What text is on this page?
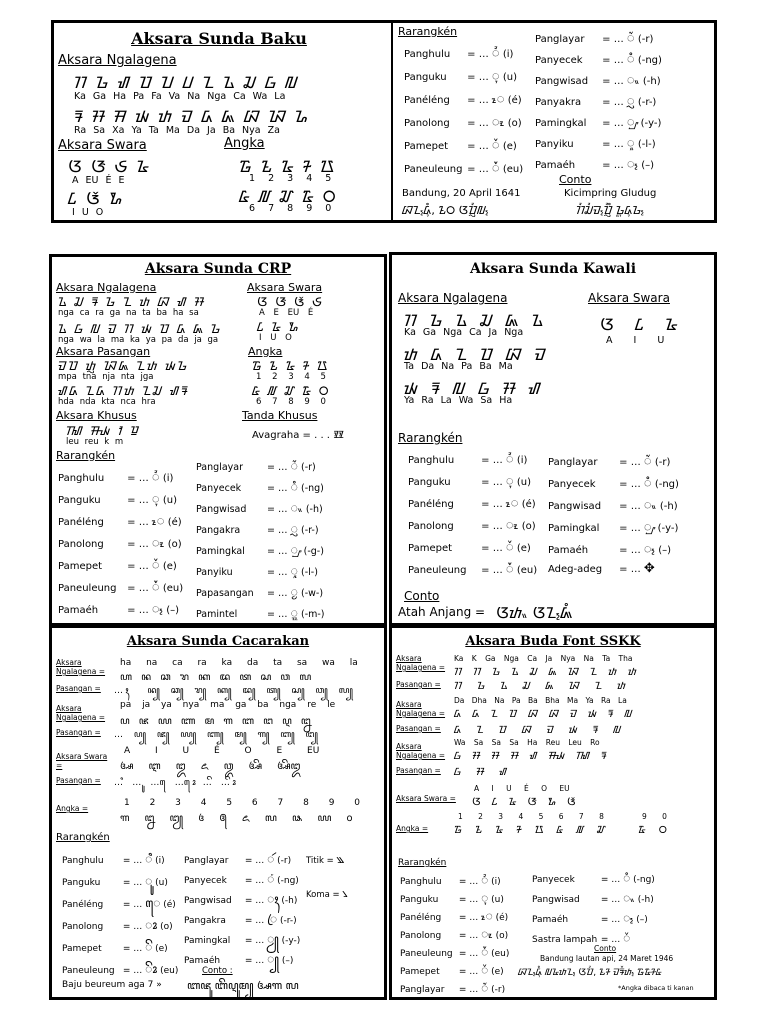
Aksara Sunda Baku
Aksara Ngalagena
ᮊ ᮌ ᮠ ᮕ ᮖ ᮗ ᮔ ᮍ ᮎ ᮝ ᮜ
Ka Ga Ha Pa Fa Va Na Nga Ca Wa La
ᮛ ᮞ ᮟ ᮚ ᮒ ᮙ ᮓ ᮏ ᮘ ᮑ ᮐ
Ra Sa Xa Ya Ta Ma Da Ja Ba Nya Za
Aksara Swara
ᮃ ᮆ ᮈ ᮅ
A EU É E
ᮄ ᮉ ᮇ
I U O
Angka
᮱ ᮲ ᮳ ᮴ ᮵
1 2 3 4 5
᮶ ᮷ ᮸ ᮹ ᮰
6 7 8 9 0
Rarangkén
Conto
Bandung, 20 April 1641
ᮘᮔ᮪ᮓᮥᮀ, ᮲᮰ ᮃᮕᮢᮤᮜ᮪
Kicimpring Gludug
ᮊᮤᮎᮤᮙ᮪ᮕᮢᮤᮀ ᮌᮣᮥᮓᮥᮌ᮪
Panghulu = … ᮤ (i)
Panguku = … ᮥ (u)
Panéléng = … ᮦ (é)
Panolong = … ᮧ (o)
Pamepet = … ᮨ (e)
Paneuleung = … ᮩ (eu)
Panglayar = … ᮁ (-r)
Panyecek = … ᮀ (-ng)
Pangwisad = … ᮂ (-h)
Panyakra = … ᮢ (-r-)
Pamingkal = … ᮡ (-y-)
Panyiku	= … ᮣ (-l-)
Pamaéh = … ᮪ (–)
Aksara Sunda CRP
Aksara Ngalagena
ᮍ ᮎ ᮛ ᮌ ᮔ ᮒ ᮘ ᮠ ᮞ
nga ca ra ga na ta ba ha sa
ᮍ ᮝ ᮜ ᮙ ᮊ ᮚ ᮕ ᮓ ᮏ ᮌ
nga wa la ma ka ya pa da ja ga
Aksara Swara
ᮃ ᮆ ᮉ ᮈ
A E EU É
ᮄ ᮅ ᮇ
I U O
Aksara Pasangan
ᮙᮕ ᮒᮢ ᮑᮏ ᮔᮒ ᮚᮌ
mpa tna nja nta jga
ᮠᮓ ᮔᮓ ᮊᮒ ᮔᮎ ᮠᮛ
hda nda kta nca hra
Angka
᮱ ᮲ ᮳ ᮴ ᮵
1 2 3 4 5
᮶ ᮷ ᮸ ᮹ ᮰
6 7 8 9 0
Aksara Khusus
ᮮ ᮯ ᮺ ᮻ
leu reu k m
Tanda Khusus
Avagraha = . . . ᮾ
Rarangkén
Panghulu = … ᮤ (i)
Panguku = … ᮥ (u)
Panéléng = … ᮦ (é)
Panolong = … ᮧ (o)
Pamepet = … ᮨ (e)
Paneuleung = … ᮩ (eu)
Pamaéh	= … ᮪ (–)
Panglayar = … ᮁ (-r)
Panyecek = … ᮀ (-ng)
Pangwisad = … ᮂ (-h)
Pangakra	= … ᮢ (-r-)
Pamingkal = … ᮡ (-g-)
Panyiku	= … ᮣ (-l-)
Papasangan = … ᮬ (-w-)
Pamintel	= … ᮭ (-m-)
Aksara Sunda Kawali
Aksara Ngalagena
ᮊ ᮌ ᮍ ᮎ ᮏ ᮍ
Ka Ga Nga Ca Ja Nga
ᮒ ᮓ ᮔ ᮕ ᮘ ᮙ
Ta Da Na Pa Ba Ma
ᮚ ᮛ ᮜ ᮝ ᮞ ᮠ
Ya Ra La Wa Sa Ha
Aksara Swara
ᮃ ᮄ ᮅ
A I U
Rarangkén
Conto
Atah Anjang = ᮃᮒᮂ ᮃᮔ᮪ᮏᮀ
Panghulu = … ᮤ (i)
Panguku	= … ᮥ (u)
Panéléng = … ᮦ (é)
Panolong = … ᮧ (o)
Pamepet	= … ᮨ (e)
Paneuleung = … ᮩ (eu)
Panglayar = … ᮁ (-r)
Panyecek = … ᮀ (-ng)
Pangwisad = … ᮂ (-h)
Pamingkal = … ᮡ (-y-)
Pamaéh	= … ᮪ (–)
Adeg-adeg = … ✥
Aksara Sunda Cacarakan
Aksara Ngalagena =
ha na ca ra ka da ta sa wa la
ꦲ ꦤ ꦕ ꦫ ꦏ ꦢ ꦠ ꦱ ꦮ ꦭ
Pasangan = … ꦃ ꦤ꧀ ꦕ꧀ ꦫ꧀ ꦏ꧀ ꦢ꧀ ꦠ꧀ ꦱ꧀ ꦮ꧀ ꦭ꧀
Aksara Ngalagena =
pa ja ya nya ma ga ba nga re le
ꦥ ꦗ ꦪ ꦚ ꦩ ꦒ ꦧ ꦔ ꦉ ꦊ
Pasangan = … ꦥ꧀ ꦗ꧀ ꦪ꧀ ꦚ꧀ ꦩ꧀ ꦒ꧀ ꦧ꧀ ꦔ꧀
Aksara Swara =
A I U É O E EU
ꦄ ꦆ ꦈ ꦌ ꦎ ꦄꦼ ꦄꦼꦈ
Pasangan = … ꦶ … ꦸ … ꦺ … ꦺꦴ … ꦼ … ꦼꦴ
Angka =
1 2 3 4 5 6 7 8 9 0
꧑ ꧒ ꧓ ꧔ ꧕ ꧖ ꧗ ꧘ ꧙ ꧐
Rarangkén
Titik = ꧉
Koma = ꧈
Conto :
Baju beureum aga 7 » ꦧꦗꦸ ꦧꦼꦉꦸꦩ꧀ ꦄꦒ ꧗
Panghulu = … ꦶ (i)
Panguku = … ꦸ (u)
Panéléng = … ꦺ (é)
Panolong = … ꦴ (o)
Pamepet = … ꦼ (e)
Paneuleung = … ꦼꦴ (eu)
Panglayar = … ꦂ (-r)
Panyecek = … ꦁ (-ng)
Pangwisad = … ꦃ (-h)
Pangakra = … ꦿ (-r-)
Pamingkal = … ꦾ (-y-)
Pamaéh = … ꧀ (–)
Aksara Buda Font SSKK
Aksara Ngalagena =
Ka K Ga Nga Ca Ja Nya Na Ta Tha
ᮊ ᮊ ᮌ ᮍ ᮎ ᮏ ᮑ ᮔ ᮒ ᮒ
Pasangan = ᮊ ᮌ ᮍ ᮎ ᮏ ᮑ ᮔ ᮒ
Aksara Ngalagena =
Da Dha Na Pa Ba Bha Ma Ya Ra La
ᮓ ᮓ ᮔ ᮕ ᮘ ᮘ ᮙ ᮚ ᮛ ᮜ
Pasangan = ᮓ ᮔ ᮕ ᮘ ᮙ ᮚ ᮛ ᮜ
Aksara Ngalagena =
Wa Sa Sa Sa Ha Reu Leu Ro
ᮝ ᮞ ᮞ ᮞ ᮠ ᮯ ᮮ ᮛ
Pasangan = ᮝ ᮞ ᮠ
Aksara Swara =
A I U É O EU
ᮃ ᮄ ᮅ ᮆ ᮇ ᮉ
Angka =
1 2 3 4 5 6 7 8
᮱ ᮲ ᮳ ᮴ ᮵ ᮶ ᮷ ᮸
9 0
᮹ ᮰
Rarangkén
Conto
Bandung lautan api, 24 Maret 1946
ᮘᮔ᮪ᮓᮥᮀ ᮜᮅᮒᮔ᮪ ᮃᮕᮤ, ᮲᮴ ᮙᮛᮨᮒ᮪ ᮱᮹᮴᮶
*Angka dibaca ti kanan
Panghulu = … ᮤ (i)
Panguku = … ᮥ (u)
Panéléng = … ᮦ (é)
Panolong = … ᮧ (o)
Paneuleung = … ᮩ (eu)
Pamepet = … ᮨ (e)
Panglayar = … ᮁ (-r)
Panyecek	= … ᮀ (-ng)
Pangwisad = … ᮂ (-h)
Pamaéh	= … ᮪ (–)
Sastra lampah = … ᮨ
